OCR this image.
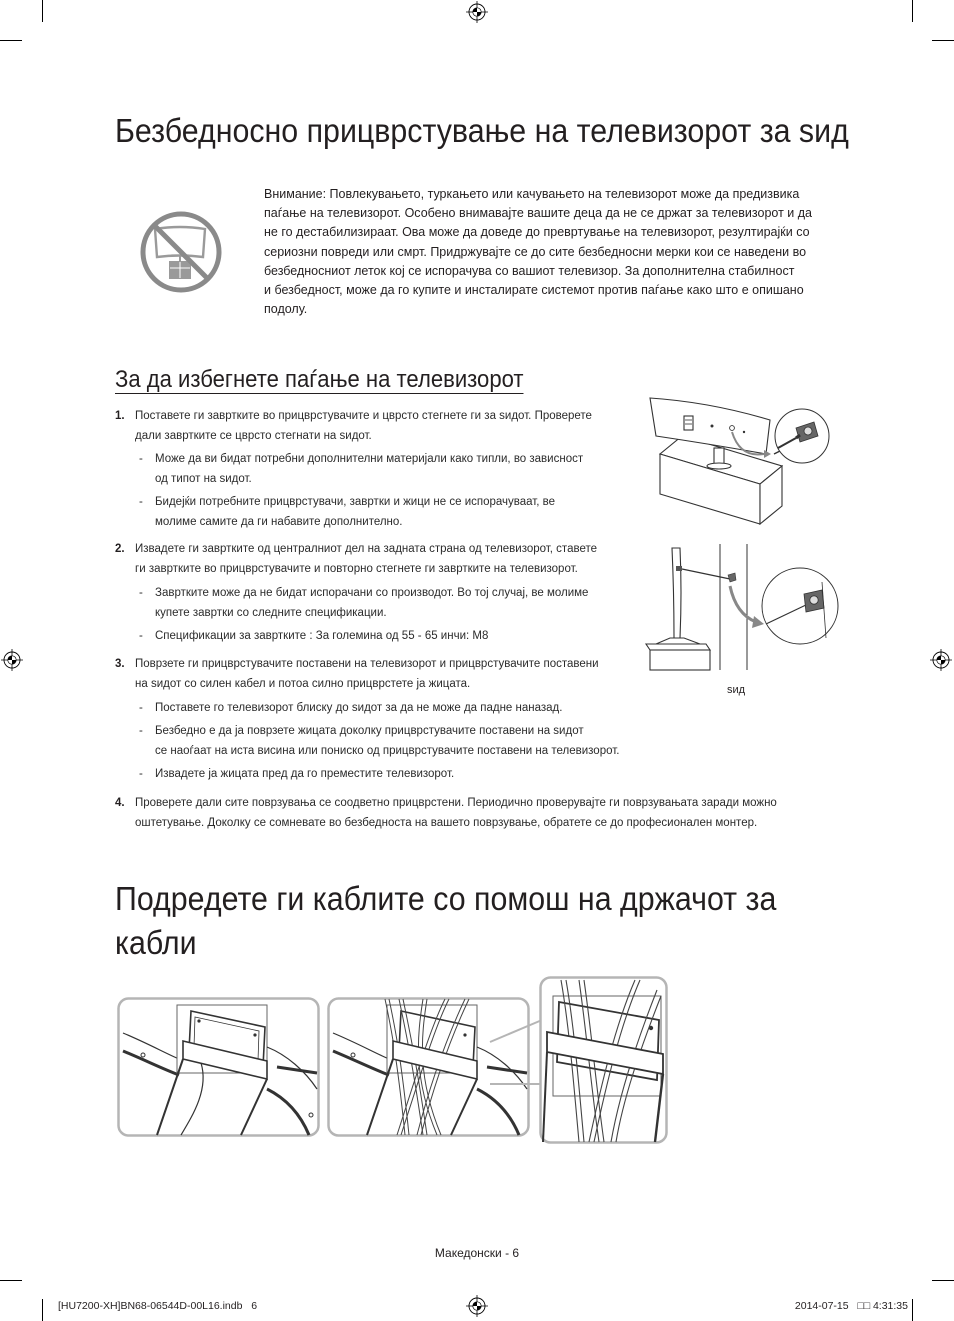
Безбедносно прицврстување на телевизорот за ѕид
Внимание: Повлекувањето, туркањето или качувањето на телевизорот може да предизвика
паѓање на телевизорот. Особено внимавајте вашите деца да не се држат за телевизорот и да
не го дестабилизираат. Ова може да доведе до превртување на телевизорот, резултирајќи со
сериозни повреди или смрт. Придржувајте се до сите безбедносни мерки кои се наведени во
безбедносниот леток кој се испорачува со вашиот телевизор. За дополнителна стабилност
и безбедност, може да го купите и инсталирате системот против паѓање како што е опишано
подолу.
За да избегнете паѓање на телевизорот
1. Поставете ги завртките во прицврстувачите и цврсто стегнете ги за ѕидот. Проверете
дали завртките се цврсто стегнати на ѕидот.
- Може да ви бидат потребни дополнителни материјали како типли, во зависност
од типот на ѕидот.
- Бидејќи потребните прицврстувачи, завртки и жици не се испорачуваат, ве
молиме самите да ги набавите дополнително.
2. Извадете ги завртките од централниот дел на задната страна од телевизорот, ставете
ги завртките во прицврстувачите и повторно стегнете ги завртките на телевизорот.
- Завртките може да не бидат испорачани со производот. Во тој случај, ве молиме
купете завртки со следните спецификации.
- Спецификации за завртките : За големина од 55 - 65 инчи: M8
3. Поврзете ги прицврстувачите поставени на телевизорот и прицврстувачите поставени
на ѕидот со силен кабел и потоа силно прицврстете ја жицата.
- Поставете го телевизорот блиску до ѕидот за да не може да падне наназад.
- Безбедно е да ја поврзете жицата доколку прицврстувачите поставени на ѕидот
се наоѓаат на иста висина или пониско од прицврстувачите поставени на телевизорот.
- Извадете ја жицата пред да го преместите телевизорот.
4. Проверете дали сите поврзувања се соодветно прицврстени. Периодично проверувајте ги поврзувањата заради можно
оштетување. Доколку се сомневате во безбедноста на вашето поврзување, обратете се до професионален монтер.
ѕид
Подредете ги каблите со помош на држачот за
кабли
Македонски - 6
[HU7200-XH]BN68-06544D-00L16.indb   6	2014-07-15   □□ 4:31:35
